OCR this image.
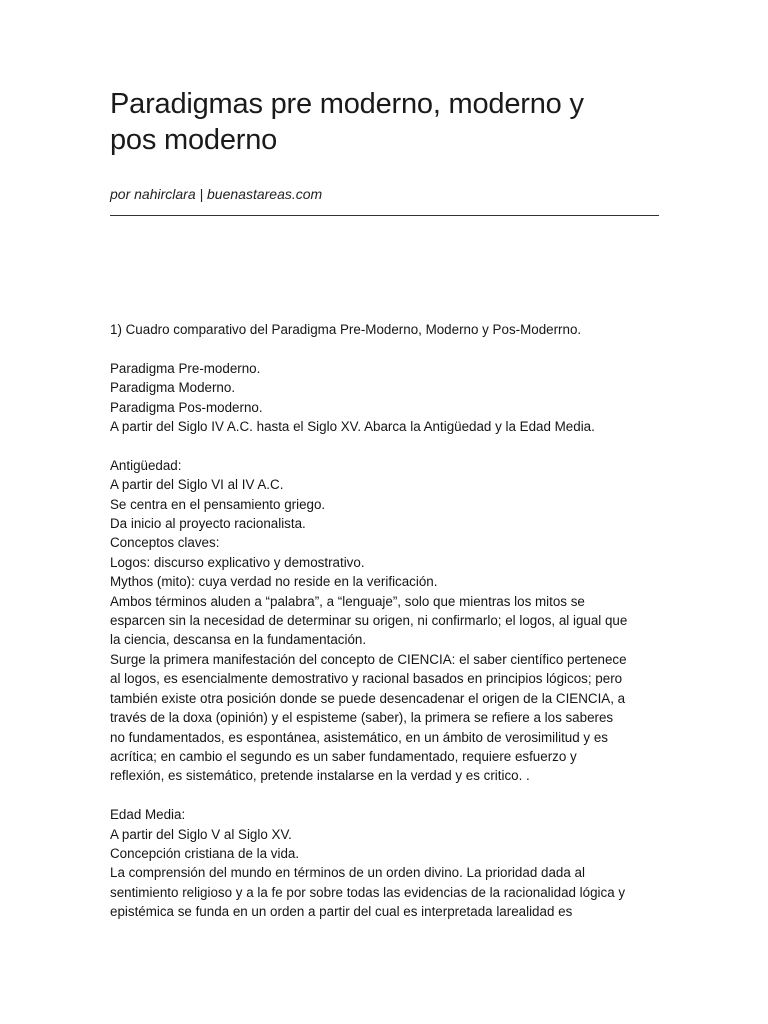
Paradigmas pre moderno, moderno y
pos moderno
por nahirclara | buenastareas.com

1) Cuadro comparativo del Paradigma Pre-Moderno, Moderno y Pos-Moderrno.

Paradigma Pre-moderno.

Paradigma Moderno.

Paradigma Pos-moderno.

A partir del Siglo IV A.C. hasta el Siglo XV. Abarca la Antigüedad y la Edad Media.

Antigüedad:

A partir del Siglo VI al IV A.C.

Se centra en el pensamiento griego.

Da inicio al proyecto racionalista.

Conceptos claves:

Logos: discurso explicativo y demostrativo.

Mythos (mito): cuya verdad no reside en la verificación.

Ambos términos aluden a “palabra”, a “lenguaje”, solo que mientras los mitos se

esparcen sin la necesidad de determinar su origen, ni confirmarlo; el logos, al igual que

la ciencia, descansa en la fundamentación.

Surge la primera manifestación del concepto de CIENCIA: el saber científico pertenece

al logos, es esencialmente demostrativo y racional basados en principios lógicos; pero

también existe otra posición donde se puede desencadenar el origen de la CIENCIA, a

través de la doxa (opinión) y el espisteme (saber), la primera se refiere a los saberes

no fundamentados, es espontánea, asistemático, en un ámbito de verosimilitud y es

acrítica; en cambio el segundo es un saber fundamentado, requiere esfuerzo y

reflexión, es sistemático, pretende instalarse en la verdad y es critico. .

Edad Media:

A partir del Siglo V al Siglo XV.

Concepción cristiana de la vida.

La comprensión del mundo en términos de un orden divino. La prioridad dada al

sentimiento religioso y a la fe por sobre todas las evidencias de la racionalidad lógica y

epistémica se funda en un orden a partir del cual es interpretada larealidad es
